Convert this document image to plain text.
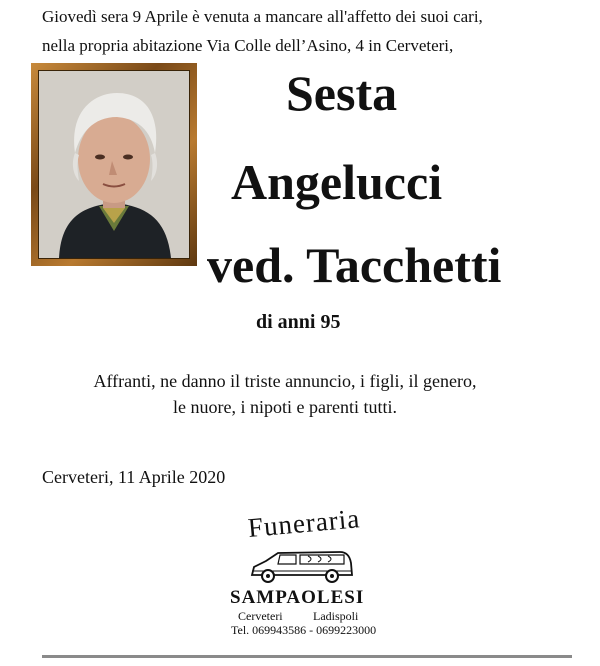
Giovedì sera 9 Aprile è venuta a mancare all'affetto dei suoi cari,
nella propria abitazione Via Colle dell’Asino, 4 in Cerveteri,
Sesta
Angelucci
ved. Tacchetti
di anni 95
Affranti, ne danno il triste annuncio, i figli, il genero,
le nuore, i nipoti e parenti tutti.
Cerveteri, 11 Aprile 2020
Funeraria
SAMPAOLESI
Cerveteri	Ladispoli
Tel. 069943586 - 0699223000
